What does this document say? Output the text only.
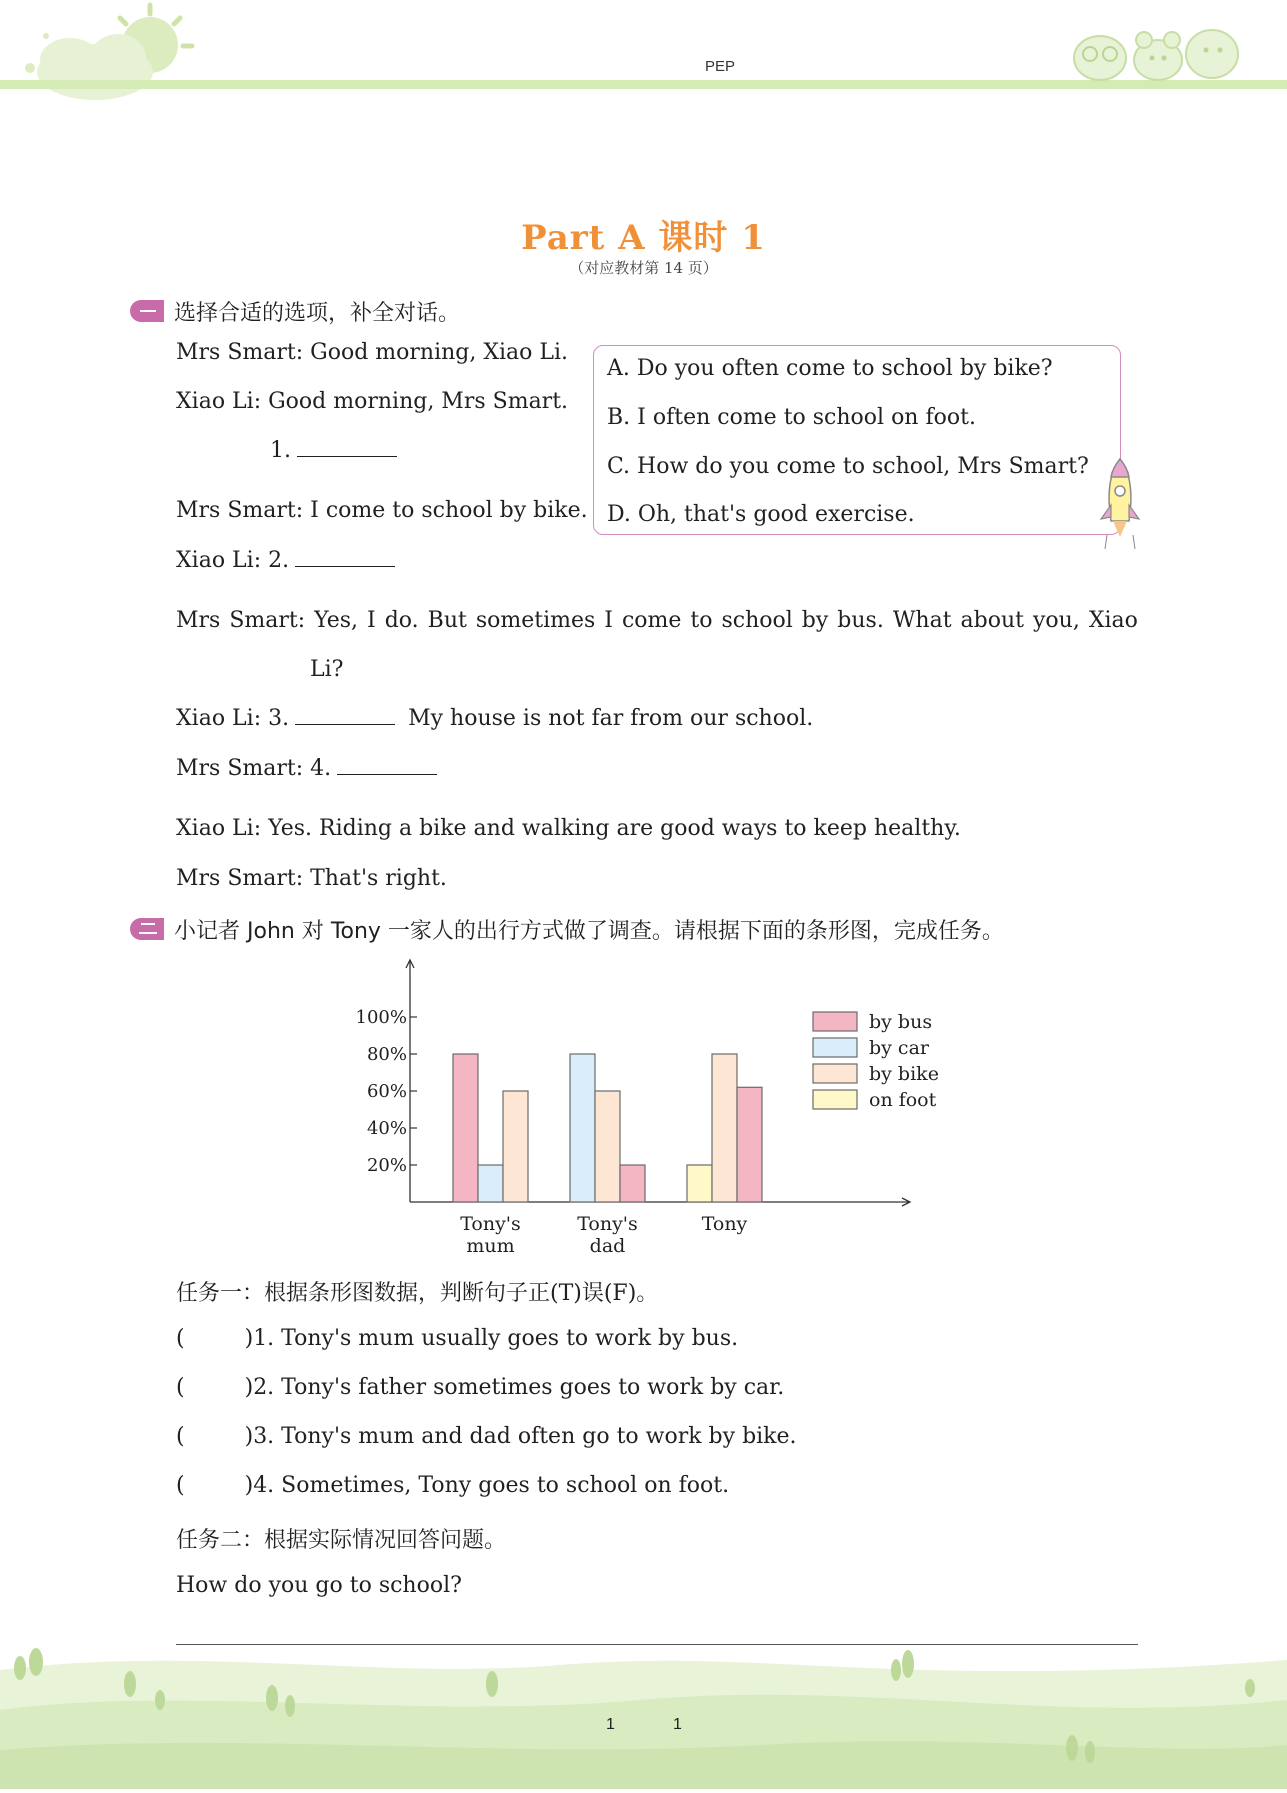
PEP
Part A 课时 1
（对应教材第 14 页）
选择合适的选项，补全对话。
Mrs Smart: Good morning, Xiao Li.
Xiao Li: Good morning, Mrs Smart.
1.
Mrs Smart: I come to school by bike.
Xiao Li: 2.
Mrs Smart: Yes, I do. But sometimes I come to school by bus. What about you, Xiao
Li?
Xiao Li: 3.	My house is not far from our school.
Mrs Smart: 4.
Xiao Li: Yes. Riding a bike and walking are good ways to keep healthy.
Mrs Smart: That's right.
A. Do you often come to school by bike?
B. I often come to school on foot.
C. How do you come to school, Mrs Smart?
D. Oh, that's good exercise.
小记者 John 对 Tony 一家人的出行方式做了调查。请根据下面的条形图，完成任务。
20%
40%
60%
80%
100%
Tony's
mum
Tony's
dad
Tony
by bus
by car
by bike
on foot
任务一：根据条形图数据，判断句子正(T)误(F)。
(	)1. Tony's mum usually goes to work by bus.
(	)2. Tony's father sometimes goes to work by car.
(	)3. Tony's mum and dad often go to work by bike.
(	)4. Sometimes, Tony goes to school on foot.
任务二：根据实际情况回答问题。
How do you go to school?
1	1
